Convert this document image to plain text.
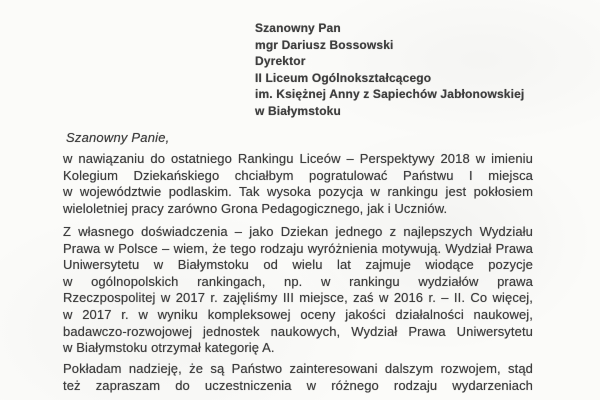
Szanowny Pan
mgr Dariusz Bossowski
Dyrektor
II Liceum Ogólnokształcącego
im. Księżnej Anny z Sapiechów Jabłonowskiej
w Białymstoku
Szanowny Panie,
w nawiązaniu do ostatniego Rankingu Liceów – Perspektywy 2018 w imieniu
Kolegium Dziekańskiego chciałbym pogratulować Państwu I miejsca
w województwie podlaskim. Tak wysoka pozycja w rankingu jest pokłosiem
wieloletniej pracy zarówno Grona Pedagogicznego, jak i Uczniów.
Z własnego doświadczenia – jako Dziekan jednego z najlepszych Wydziału
Prawa w Polsce – wiem, że tego rodzaju wyróżnienia motywują. Wydział Prawa
Uniwersytetu w Białymstoku od wielu lat zajmuje wiodące pozycje
w ogólnopolskich rankingach, np. w rankingu wydziałów prawa
Rzeczpospolitej w 2017 r. zajęliśmy III miejsce, zaś w 2016 r. – II. Co więcej,
w 2017 r. w wyniku kompleksowej oceny jakości działalności naukowej,
badawczo-rozwojowej jednostek naukowych, Wydział Prawa Uniwersytetu
w Białymstoku otrzymał kategorię A.
Pokładam nadzieję, że są Państwo zainteresowani dalszym rozwojem, stąd
też zapraszam do uczestniczenia w różnego rodzaju wydarzeniach
